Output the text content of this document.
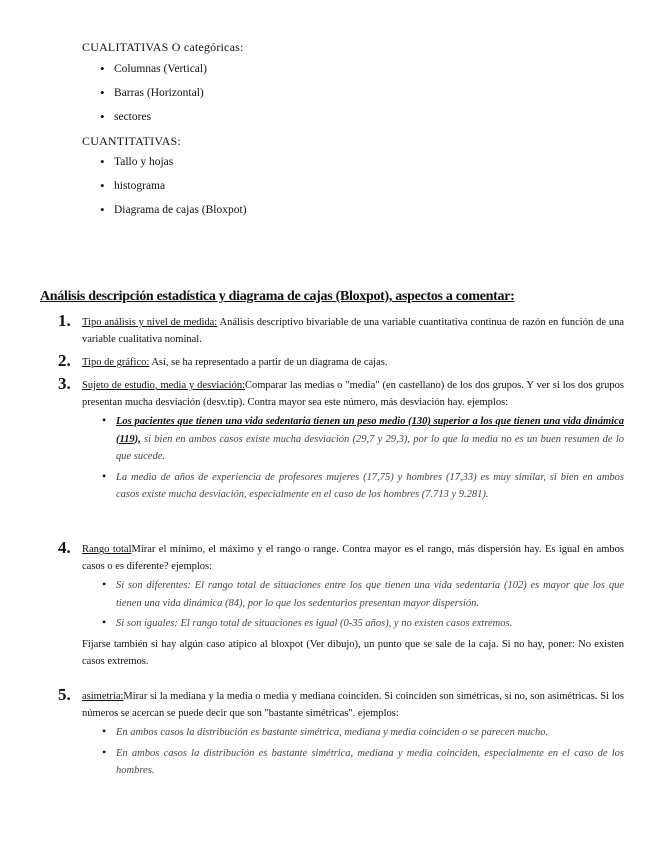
CUALITATIVAS O categóricas:
• Columnas (Vertical)
• Barras (Horizontal)
• sectores
CUANTITATIVAS:
• Tallo y hojas
• histograma
• Diagrama de cajas (Bloxpot)
Análisis descripción estadística y diagrama de cajas (Bloxpot), aspectos a comentar:
1. Tipo análisis y nivel de medida: Análisis descriptivo bivariable de una variable cuantitativa continua de razón en función de una variable cualitativa nominal.
2. Tipo de gráfico: Así, se ha representado a partir de un diagrama de cajas.
3. Sujeto de estudio, media y desviación:Comparar las medias o "media" (en castellano) de los dos grupos. Y ver si los dos grupos presentan mucha desviación (desv.tip). Contra mayor sea este número, más desviación hay. ejemplos:
• Los pacientes que tienen una vida sedentaria tienen un peso medio (130) superior a los que tienen una vida dinámica (119), si bien en ambos casos existe mucha desviación (29,7 y 29,3), por lo que la media no es un buen resumen de lo que sucede.
• La media de años de experiencia de profesores mujeres (17,75) y hombres (17,33) es muy similar, si bien en ambos casos existe mucha desviación, especialmente en el caso de los hombres (7.713 y 9.281).
4. Rango totalMirar el mínimo, el máximo y el rango o range. Contra mayor es el rango, más dispersión hay. Es igual en ambos casos o es diferente? ejemplos:
• Si son diferentes: El rango total de situaciones entre los que tienen una vida sedentaria (102) es mayor que los que tienen una vida dinámica (84), por lo que los sedentarios presentan mayor dispersión.
• Si son iguales: El rango total de situaciones es igual (0-35 años), y no existen casos extremos.
Fijarse también si hay algún caso atípico al bloxpot (Ver dibujo), un punto que se sale de la caja. Si no hay, poner: No existen casos extremos.
5. asimetría:Mirar si la mediana y la media o media y mediana coinciden. Si coinciden son simétricas, si no, son asimétricas. Si los números se acercan se puede decir que son "bastante simétricas". ejemplos:
• En ambos casos la distribución es bastante simétrica, mediana y media coinciden o se parecen mucho.
• En ambos casos la distribución es bastante simétrica, mediana y media coinciden, especialmente en el caso de los hombres.
